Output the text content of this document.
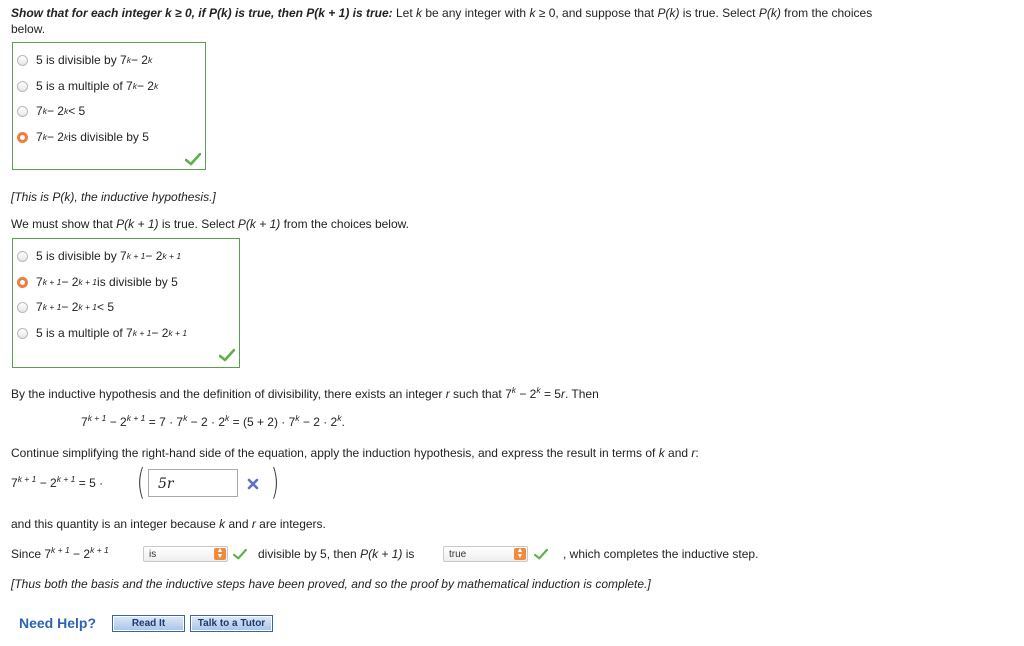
Show that for each integer k ≥ 0, if P(k) is true, then P(k + 1) is true: Let k be any integer with k ≥ 0, and suppose that P(k) is true. Select P(k) from the choices
below.
5 is divisible by 7 k − 2 k
5 is a multiple of 7 k − 2 k
7 k − 2 k < 5
7 k − 2 k is divisible by 5
[This is P(k), the inductive hypothesis.]
We must show that P(k + 1) is true. Select P(k + 1) from the choices below.
5 is divisible by 7 k + 1 − 2 k + 1
7 k + 1 − 2 k + 1 is divisible by 5
7 k + 1 − 2 k + 1 < 5
5 is a multiple of 7 k + 1 − 2 k + 1
By the inductive hypothesis and the definition of divisibility, there exists an integer r such that $7^k - 2^k = 5r$. Then
$7^{k + 1} - 2^{k + 1} = 7 \cdot 7^k - 2 \cdot 2^k = (5 + 2) \cdot 7^k - 2 \cdot 2^k$.
Continue simplifying the right-hand side of the equation, apply the induction hypothesis, and express the result in terms of k and r:
$7^{k + 1} - 2^{k + 1} = 5$ · ( 5r	)
and this quantity is an integer because k and r are integers.
Since $7^{k + 1} - 2^{k + 1}$	is	▲
▼	divisible by 5, then P(k + 1) is	true	▲
▼	, which completes the inductive step.
[Thus both the basis and the inductive steps have been proved, and so the proof by mathematical induction is complete.]
Need Help?	Read It	Talk to a Tutor
